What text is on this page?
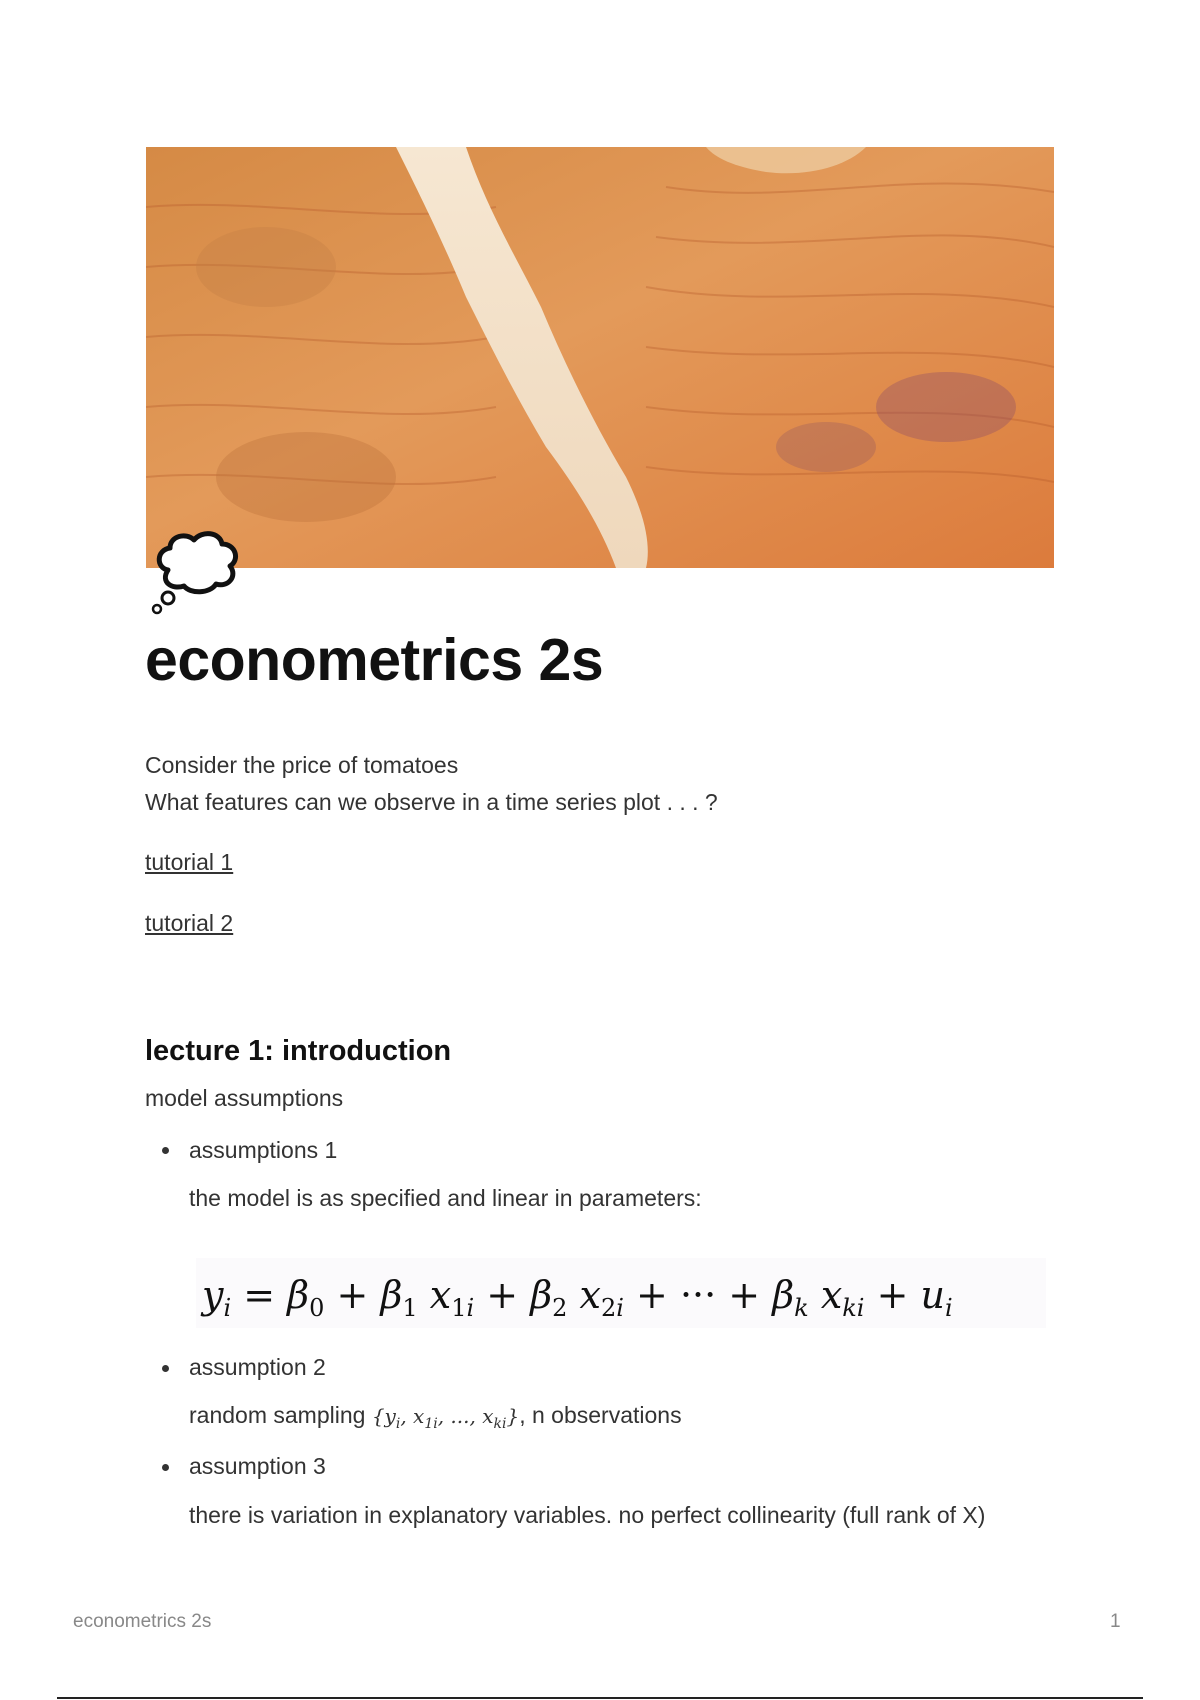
econometrics 2s
Consider the price of tomatoes
What features can we observe in a time series plot . . . ?
tutorial 1
tutorial 2
lecture 1: introduction
model assumptions
assumptions 1
the model is as specified and linear in parameters:
$y_i = \beta_0 + \beta_1$ $x_{1i} + \beta_2$ $x_{2i}$ + ··· + $\beta_k$ $x_{ki} + u_i$
assumption 2
random sampling {$y_i$, $x_{1i}$, ..., $x_{ki}$}, n observations
assumption 3
there is variation in explanatory variables. no perfect collinearity (full rank of X)
econometrics 2s	1
